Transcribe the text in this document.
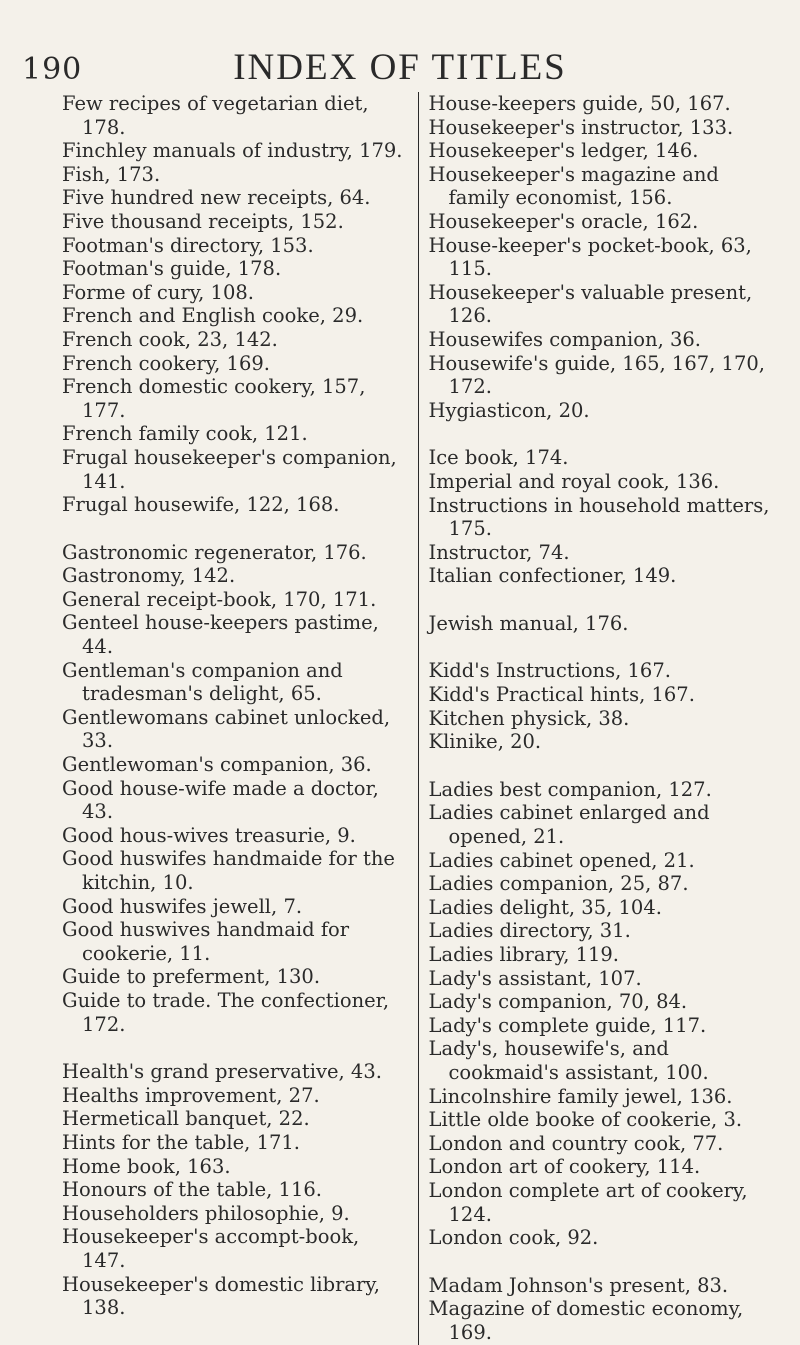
190	INDEX OF TITLES
Few recipes of vegetarian diet, 178.
Finchley manuals of industry, 179.
Fish, 173.
Five hundred new receipts, 64.
Five thousand receipts, 152.
Footman's directory, 153.
Footman's guide, 178.
Forme of cury, 108.
French and English cooke, 29.
French cook, 23, 142.
French cookery, 169.
French domestic cookery, 157, 177.
French family cook, 121.
Frugal housekeeper's companion, 141.
Frugal housewife, 122, 168.
Gastronomic regenerator, 176.
Gastronomy, 142.
General receipt-book, 170, 171.
Genteel house-keepers pastime, 44.
Gentleman's companion and tradesman's delight, 65.
Gentlewomans cabinet unlocked, 33.
Gentlewoman's companion, 36.
Good house-wife made a doctor, 43.
Good hous-wives treasurie, 9.
Good huswifes handmaide for the kitchin, 10.
Good huswifes jewell, 7.
Good huswives handmaid for cookerie, 11.
Guide to preferment, 130.
Guide to trade. The confectioner, 172.
Health's grand preservative, 43.
Healths improvement, 27.
Hermeticall banquet, 22.
Hints for the table, 171.
Home book, 163.
Honours of the table, 116.
Householders philosophie, 9.
Housekeeper's accompt-book, 147.
Housekeeper's domestic library, 138.
House-keepers guide, 50, 167.
Housekeeper's instructor, 133.
Housekeeper's ledger, 146.
Housekeeper's magazine and family economist, 156.
Housekeeper's oracle, 162.
House-keeper's pocket-book, 63, 115.
Housekeeper's valuable present, 126.
Housewifes companion, 36.
Housewife's guide, 165, 167, 170, 172.
Hygiasticon, 20.
Ice book, 174.
Imperial and royal cook, 136.
Instructions in household matters, 175.
Instructor, 74.
Italian confectioner, 149.
Jewish manual, 176.
Kidd's Instructions, 167.
Kidd's Practical hints, 167.
Kitchen physick, 38.
Klinike, 20.
Ladies best companion, 127.
Ladies cabinet enlarged and opened, 21.
Ladies cabinet opened, 21.
Ladies companion, 25, 87.
Ladies delight, 35, 104.
Ladies directory, 31.
Ladies library, 119.
Lady's assistant, 107.
Lady's companion, 70, 84.
Lady's complete guide, 117.
Lady's, housewife's, and cookmaid's assistant, 100.
Lincolnshire family jewel, 136.
Little olde booke of cookerie, 3.
London and country cook, 77.
London art of cookery, 114.
London complete art of cookery, 124.
London cook, 92.
Madam Johnson's present, 83.
Magazine of domestic economy, 169.
